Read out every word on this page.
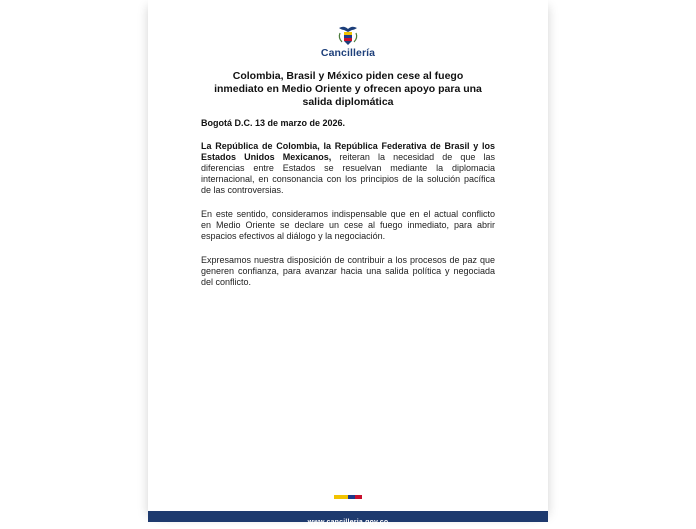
Cancillería
Colombia, Brasil y México piden cese al fuego inmediato en Medio Oriente y ofrecen apoyo para una salida diplomática
Bogotá D.C. 13 de marzo de 2026.

La República de Colombia, la República Federativa de Brasil y los Estados Unidos Mexicanos, reiteran la necesidad de que las diferencias entre Estados se resuelvan mediante la diplomacia internacional, en consonancia con los principios de la solución pacífica de las controversias.

En este sentido, consideramos indispensable que en el actual conflicto en Medio Oriente se declare un cese al fuego inmediato, para abrir espacios efectivos al diálogo y la negociación.

Expresamos nuestra disposición de contribuir a los procesos de paz que generen confianza, para avanzar hacia una salida política y negociada del conflicto.

www.cancilleria.gov.co
